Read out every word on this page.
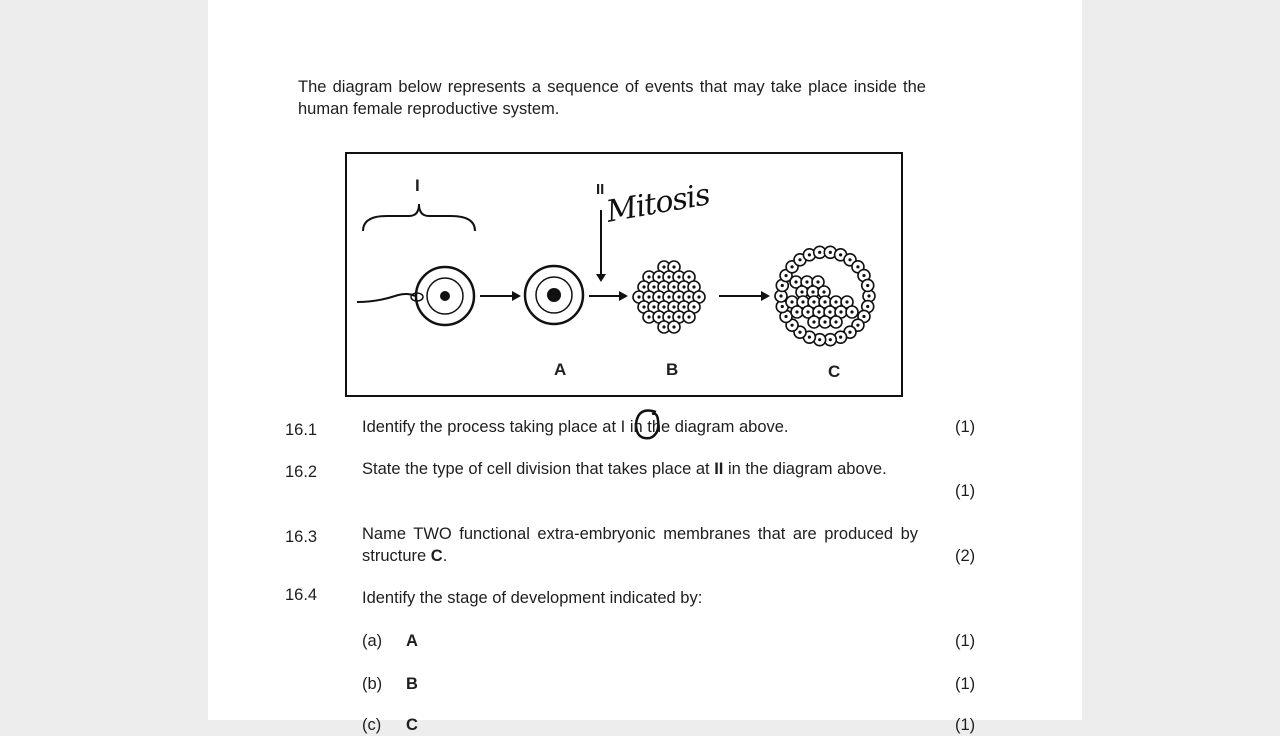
The diagram below represents a sequence of events that may take place inside the human female reproductive system.
I	II
A	B	C
Mitosis
16.1	Identify the process taking place at I in the diagram above.	(1)
16.2	State the type of cell division that takes place at II in the diagram above.
(1)
16.3	Name TWO functional extra-embryonic membranes that are produced by structure C.	(2)
16.4	Identify the stage of development indicated by:
(a) A	(1)
(b) B	(1)
(c) C	(1)
